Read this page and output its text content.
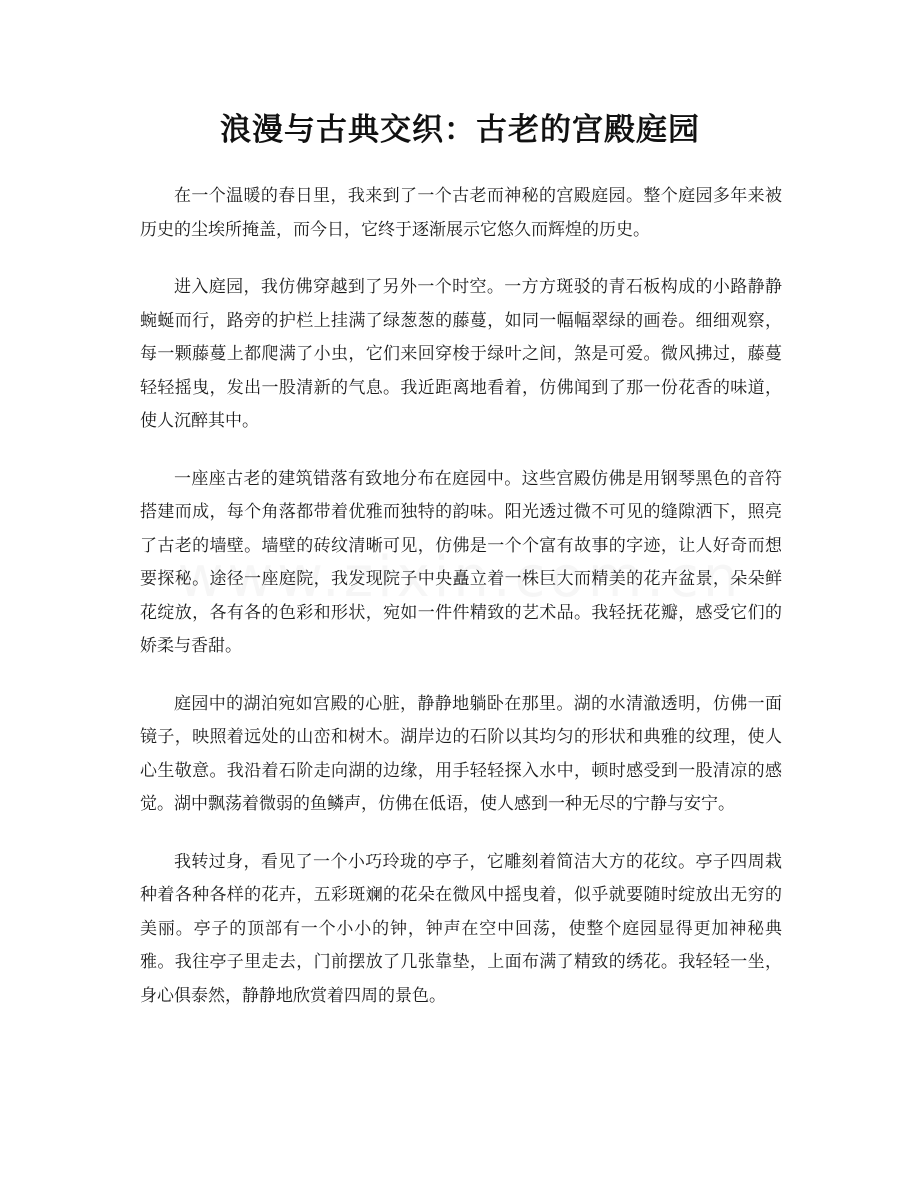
浪漫与古典交织：古老的宫殿庭园

在一个温暖的春日里，我来到了一个古老而神秘的宫殿庭园。整个庭园多年来被历史的尘埃所掩盖，而今日，它终于逐渐展示它悠久而辉煌的历史。

进入庭园，我仿佛穿越到了另外一个时空。一方方斑驳的青石板构成的小路静静蜿蜒而行，路旁的护栏上挂满了绿葱葱的藤蔓，如同一幅幅翠绿的画卷。细细观察，每一颗藤蔓上都爬满了小虫，它们来回穿梭于绿叶之间，煞是可爱。微风拂过，藤蔓轻轻摇曳，发出一股清新的气息。我近距离地看着，仿佛闻到了那一份花香的味道，使人沉醉其中。

一座座古老的建筑错落有致地分布在庭园中。这些宫殿仿佛是用钢琴黑色的音符搭建而成，每个角落都带着优雅而独特的韵味。阳光透过微不可见的缝隙洒下，照亮了古老的墙壁。墙壁的砖纹清晰可见，仿佛是一个个富有故事的字迹，让人好奇而想要探秘。途径一座庭院，我发现院子中央矗立着一株巨大而精美的花卉盆景，朵朵鲜花绽放，各有各的色彩和形状，宛如一件件精致的艺术品。我轻抚花瓣，感受它们的娇柔与香甜。

庭园中的湖泊宛如宫殿的心脏，静静地躺卧在那里。湖的水清澈透明，仿佛一面镜子，映照着远处的山峦和树木。湖岸边的石阶以其均匀的形状和典雅的纹理，使人心生敬意。我沿着石阶走向湖的边缘，用手轻轻探入水中，顿时感受到一股清凉的感觉。湖中飘荡着微弱的鱼鳞声，仿佛在低语，使人感到一种无尽的宁静与安宁。

我转过身，看见了一个小巧玲珑的亭子，它雕刻着简洁大方的花纹。亭子四周栽种着各种各样的花卉，五彩斑斓的花朵在微风中摇曳着，似乎就要随时绽放出无穷的美丽。亭子的顶部有一个小小的钟，钟声在空中回荡，使整个庭园显得更加神秘典雅。我往亭子里走去，门前摆放了几张靠垫，上面布满了精致的绣花。我轻轻一坐，身心俱泰然，静静地欣赏着四周的景色。
